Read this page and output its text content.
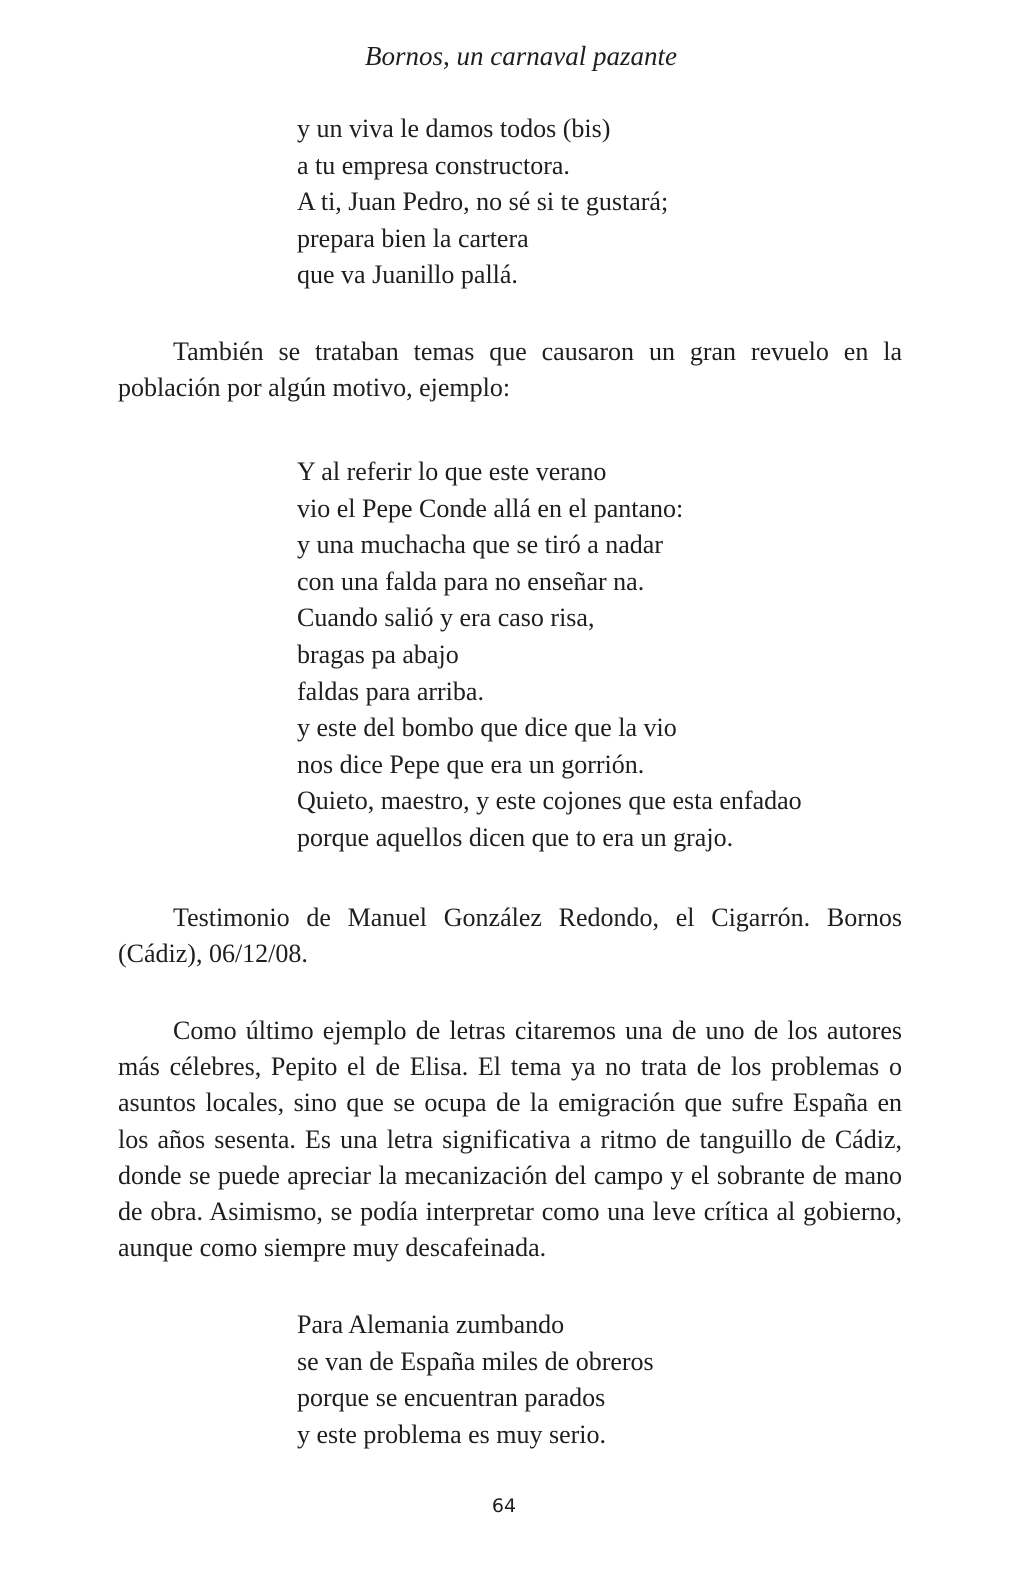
Bornos, un carnaval pazante
y un viva le damos todos (bis)
a tu empresa constructora.
A ti, Juan Pedro, no sé si te gustará;
prepara bien la cartera
que va Juanillo pallá.

También se trataban temas que causaron un gran revuelo en la población por algún motivo, ejemplo:

Y al referir lo que este verano
vio el Pepe Conde allá en el pantano:
y una muchacha que se tiró a nadar
con una falda para no enseñar na.
Cuando salió y era caso risa,
bragas pa abajo
faldas para arriba.
y este del bombo que dice que la vio
nos dice Pepe que era un gorrión.
Quieto, maestro, y este cojones que esta enfadao
porque aquellos dicen que to era un grajo.

Testimonio de Manuel González Redondo, el Cigarrón. Bornos (Cádiz), 06/12/08.

Como último ejemplo de letras citaremos una de uno de los autores más célebres, Pepito el de Elisa. El tema ya no trata de los problemas o asuntos locales, sino que se ocupa de la emigración que sufre España en los años sesenta. Es una letra significativa a ritmo de tanguillo de Cádiz, donde se puede apreciar la mecanización del campo y el sobrante de mano de obra. Asimismo, se podía interpretar como una leve crítica al gobierno, aunque como siempre muy descafeinada.

Para Alemania zumbando
se van de España miles de obreros
porque se encuentran parados
y este problema es muy serio.
64
